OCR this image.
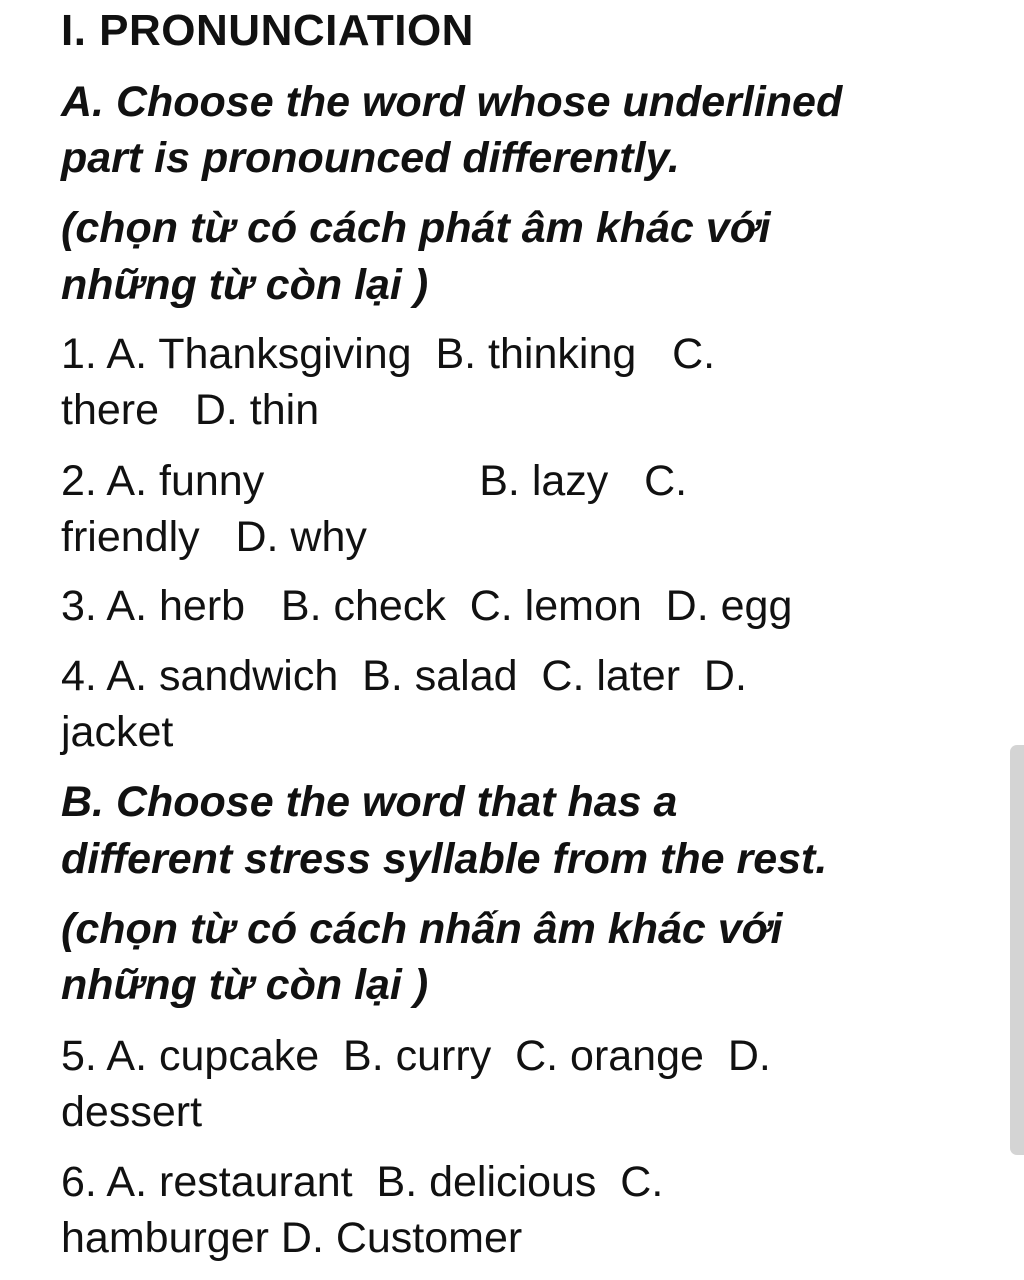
I. PRONUNCIATION
A. Choose the word whose underlined
part is pronounced differently.
(chọn từ có cách phát âm khác với
những từ còn lại )
1. A. Thanksgiving  B. thinking   C.
there   D. thin
2. A. funny                  B. lazy   C.
friendly   D. why
3. A. herb   B. check  C. lemon  D. egg
4. A. sandwich  B. salad  C. later  D.
jacket
B. Choose the word that has a
different stress syllable from the rest.
(chọn từ có cách nhấn âm khác với
những từ còn lại )
5. A. cupcake  B. curry  C. orange  D.
dessert
6. A. restaurant  B. delicious  C.
hamburger D. Customer
